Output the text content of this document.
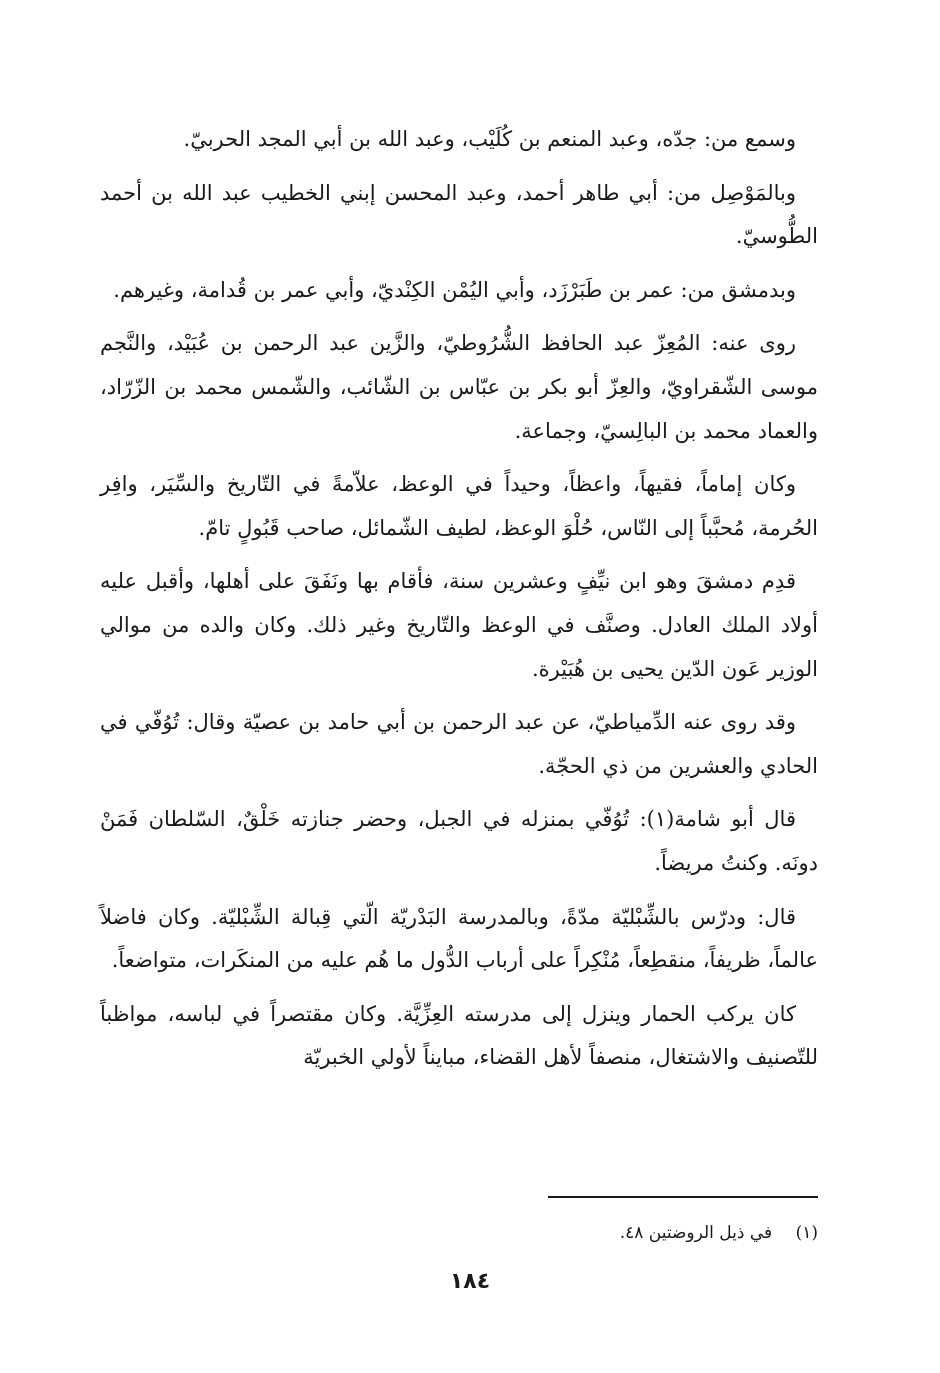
وسمع من: جدّه، وعبد المنعم بن كُلَيْب، وعبد الله بن أبي المجد الحربيّ.

وبالمَوْصِل من: أبي طاهر أحمد، وعبد المحسن إبني الخطيب عبد الله بن أحمد الطُّوسيّ.

وبدمشق من: عمر بن طَبَرْزَد، وأبي اليُمْن الكِنْديّ، وأبي عمر بن قُدامة، وغيرهم.

روى عنه: المُعِزّ عبد الحافظ الشُّرُوطيّ، والزَّين عبد الرحمن بن عُبَيْد، والنَّجم موسى الشّقراويّ، والعِزّ أبو بكر بن عبّاس بن الشّائب، والشّمس محمد بن الزّرّاد، والعماد محمد بن البالِسيّ، وجماعة.

وكان إماماً، فقيهاً، واعظاً، وحيداً في الوعظ، علاّمةً في التّاريخ والسِّيَر، وافِر الحُرمة، مُحبَّباً إلى النّاس، حُلْوَ الوعظ، لطيف الشّمائل، صاحب قَبُولٍ تامّ.

قدِم دمشقَ وهو ابن نيِّفٍ وعشرين سنة، فأقام بها ونَفَقَ على أهلها، وأقبل عليه أولاد الملك العادل. وصنَّف في الوعظ والتّاريخ وغير ذلك. وكان والده من موالي الوزير عَون الدّين يحيى بن هُبَيْرة.

وقد روى عنه الدِّمياطيّ، عن عبد الرحمن بن أبي حامد بن عصيّة وقال: تُوُفّي في الحادي والعشرين من ذي الحجّة.

قال أبو شامة(١): تُوُفّي بمنزله في الجبل، وحضر جنازته خَلْقٌ، السّلطان فَمَنْ دونَه. وكنتُ مريضاً.

قال: ودرّس بالشِّبْليّة مدّةً، وبالمدرسة البَدْريّة الّتي قِبالة الشِّبْليّة. وكان فاضلاً عالماً، ظريفاً، منقطِعاً، مُنْكِراً على أرباب الدُّول ما هُم عليه من المنكَرات، متواضعاً.

كان يركب الحمار وينزل إلى مدرسته العِزِّيَّة. وكان مقتصراً في لباسه، مواظباً للتّصنيف والاشتغال، منصفاً لأهل القضاء، مبايناً لأولي الخبريّة

(١) في ذيل الروضتين ٤٨.
١٨٤
